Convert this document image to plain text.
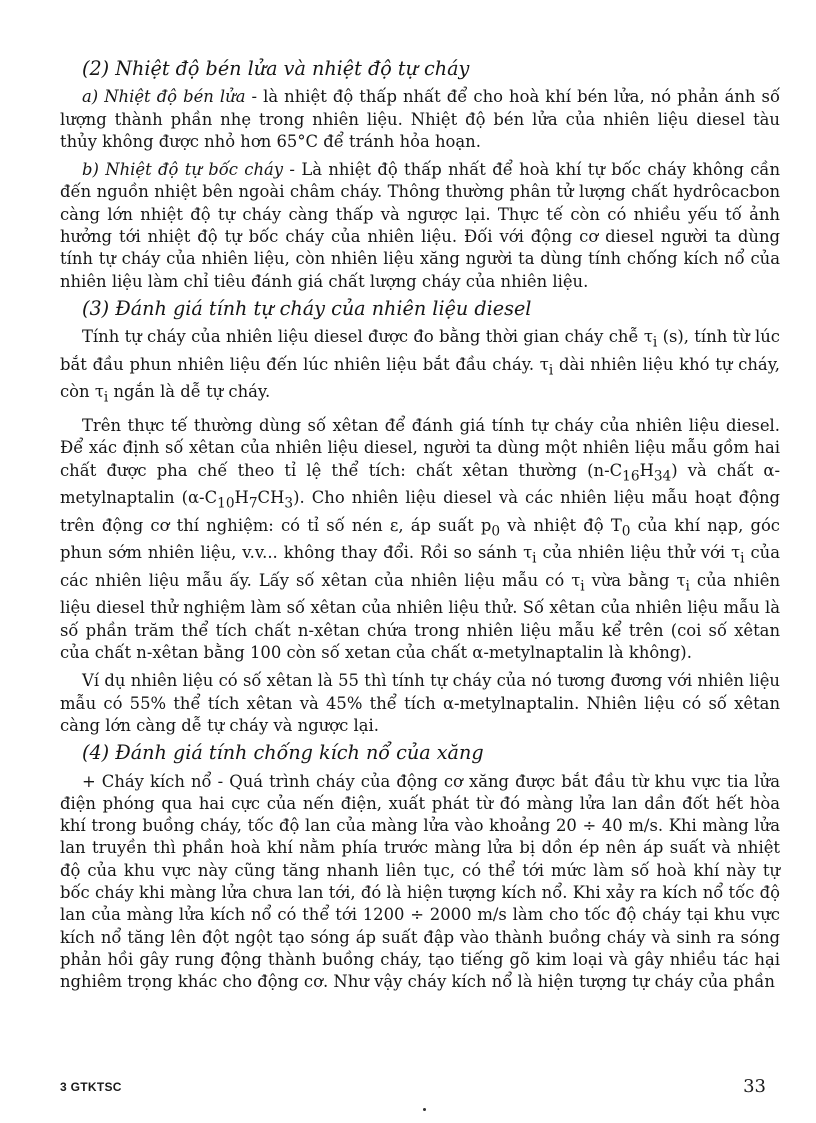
(2) Nhiệt độ bén lửa và nhiệt độ tự cháy

a) Nhiệt độ bén lửa - là nhiệt độ thấp nhất để cho hoà khí bén lửa, nó phản ánh số lượng thành phần nhẹ trong nhiên liệu. Nhiệt độ bén lửa của nhiên liệu diesel tàu thủy không được nhỏ hơn 65°C để tránh hỏa hoạn.

b) Nhiệt độ tự bốc cháy - Là nhiệt độ thấp nhất để hoà khí tự bốc cháy không cần đến nguồn nhiệt bên ngoài châm cháy. Thông thường phân tử lượng chất hydrôcacbon càng lớn nhiệt độ tự cháy càng thấp và ngược lại. Thực tế còn có nhiều yếu tố ảnh hưởng tới nhiệt độ tự bốc cháy của nhiên liệu. Đối với động cơ diesel người ta dùng tính tự cháy của nhiên liệu, còn nhiên liệu xăng người ta dùng tính chống kích nổ của nhiên liệu làm chỉ tiêu đánh giá chất lượng cháy của nhiên liệu.

(3) Đánh giá tính tự cháy của nhiên liệu diesel

Tính tự cháy của nhiên liệu diesel được đo bằng thời gian cháy chễ $\tau_i$ (s), tính từ lúc bắt đầu phun nhiên liệu đến lúc nhiên liệu bắt đầu cháy. $\tau_i$ dài nhiên liệu khó tự cháy, còn $\tau_i$ ngắn là dễ tự cháy.

Trên thực tế thường dùng số xêtan để đánh giá tính tự cháy của nhiên liệu diesel. Để xác định số xêtan của nhiên liệu diesel, người ta dùng một nhiên liệu mẫu gồm hai chất được pha chế theo tỉ lệ thể tích: chất xêtan thường $(n-C_{16}H_{34})$ và chất α-metylnaptalin $(\alpha-C_{10}H_7CH_3)$. Cho nhiên liệu diesel và các nhiên liệu mẫu hoạt động trên động cơ thí nghiệm: có tỉ số nén ε, áp suất $p_0$ và nhiệt độ $T_0$ của khí nạp, góc phun sớm nhiên liệu, v.v... không thay đổi. Rồi so sánh $\tau_i$ của nhiên liệu thử với $\tau_i$ của các nhiên liệu mẫu ấy. Lấy số xêtan của nhiên liệu mẫu có $\tau_i$ vừa bằng $\tau_i$ của nhiên liệu diesel thử nghiệm làm số xêtan của nhiên liệu thử. Số xêtan của nhiên liệu mẫu là số phần trăm thể tích chất n-xêtan chứa trong nhiên liệu mẫu kể trên (coi số xêtan của chất n-xêtan bằng 100 còn số xetan của chất α-metylnaptalin là không).

Ví dụ nhiên liệu có số xêtan là 55 thì tính tự cháy của nó tương đương với nhiên liệu mẫu có 55% thể tích xêtan và 45% thể tích α-metylnaptalin. Nhiên liệu có số xêtan càng lớn càng dễ tự cháy và ngược lại.

(4) Đánh giá tính chống kích nổ của xăng

+ Cháy kích nổ - Quá trình cháy của động cơ xăng được bắt đầu từ khu vực tia lửa điện phóng qua hai cực của nến điện, xuất phát từ đó màng lửa lan dần đốt hết hòa khí trong buồng cháy, tốc độ lan của màng lửa vào khoảng 20 ÷ 40 m/s. Khi màng lửa lan truyền thì phần hoà khí nằm phía trước màng lửa bị dồn ép nên áp suất và nhiệt độ của khu vực này cũng tăng nhanh liên tục, có thể tới mức làm số hoà khí này tự bốc cháy khi màng lửa chưa lan tới, đó là hiện tượng kích nổ. Khi xảy ra kích nổ tốc độ lan của màng lửa kích nổ có thể tới 1200 ÷ 2000 m/s làm cho tốc độ cháy tại khu vực kích nổ tăng lên đột ngột tạo sóng áp suất đập vào thành buồng cháy và sinh ra sóng phản hồi gây rung động thành buồng cháy, tạo tiếng gõ kim loại và gây nhiều tác hại nghiêm trọng khác cho động cơ. Như vậy cháy kích nổ là hiện tượng tự cháy của phần

3 GTKTSC	33
